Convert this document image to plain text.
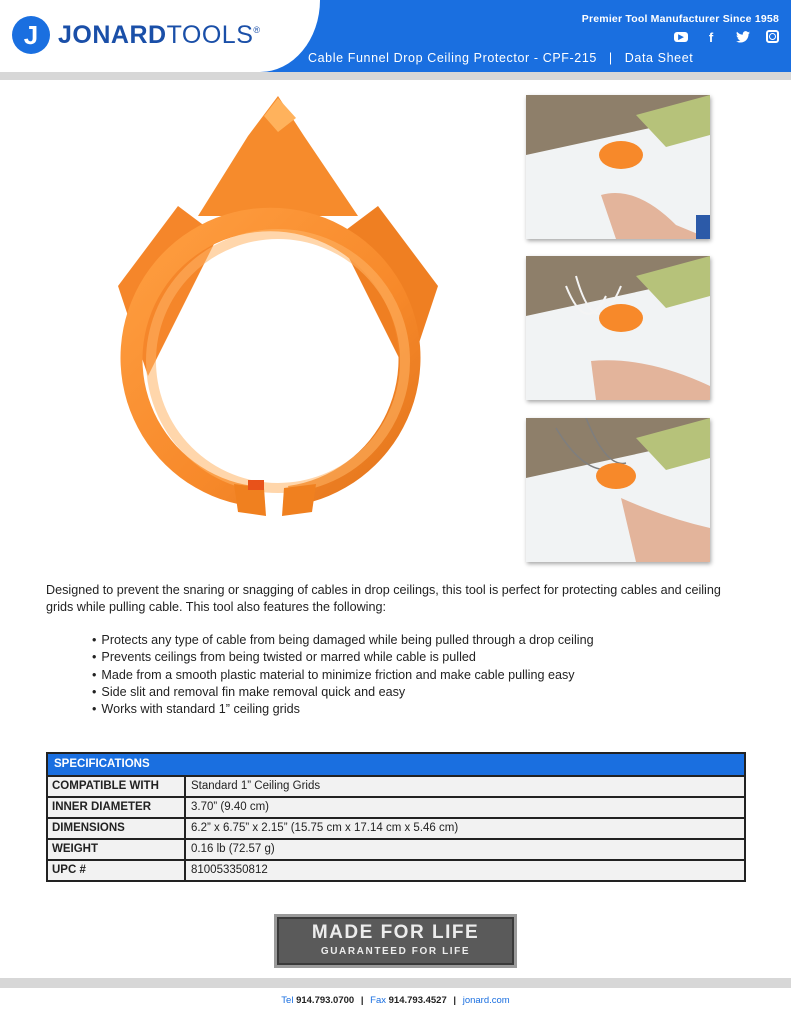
J JONARDTOOLS®
Premier Tool Manufacturer Since 1958
▶	f
Cable Funnel Drop Ceiling Protector - CPF-215 | Data Sheet

Designed to prevent the snaring or snagging of cables in drop ceilings, this tool is perfect for protecting cables and ceiling grids while pulling cable. This tool also features the following:

• Protects any type of cable from being damaged while being pulled through a drop ceiling
• Prevents ceilings from being twisted or marred while cable is pulled
• Made from a smooth plastic material to minimize friction and make cable pulling easy
• Side slit and removal fin make removal quick and easy
• Works with standard 1” ceiling grids
SPECIFICATIONS
COMPATIBLE WITH	Standard 1” Ceiling Grids
INNER DIAMETER	3.70” (9.40 cm)
DIMENSIONS	6.2” x 6.75” x 2.15” (15.75 cm x 17.14 cm x 5.46 cm)
WEIGHT	0.16 lb (72.57 g)
UPC #	810053350812
MADE FOR LIFE
GUARANTEED FOR LIFE
Tel 914.793.0700 | Fax 914.793.4527 | jonard.com
